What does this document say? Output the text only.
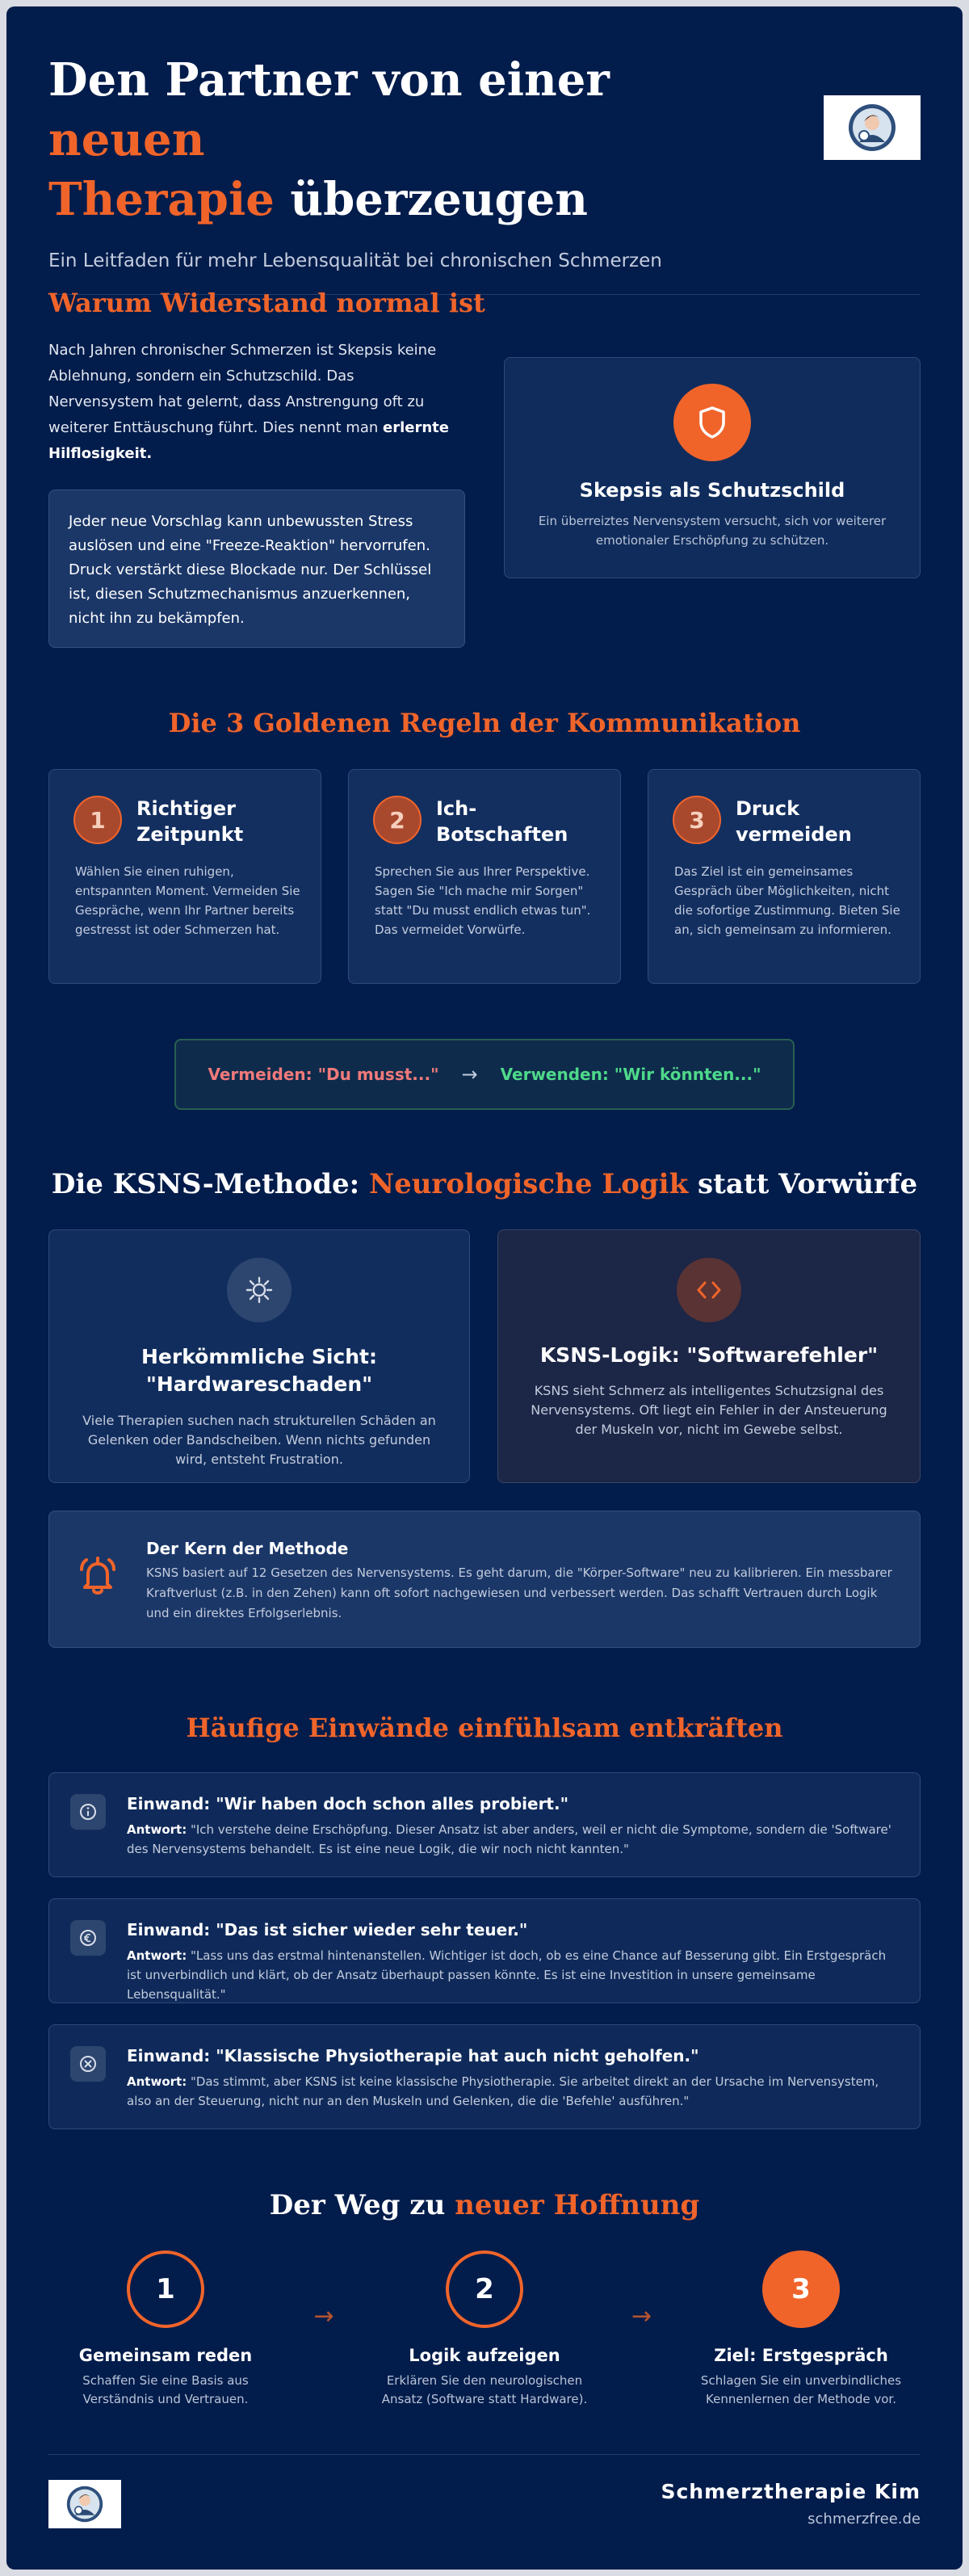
Den Partner von einer neuen
Therapie überzeugen
Ein Leitfaden für mehr Lebensqualität bei chronischen Schmerzen
Warum Widerstand normal ist

Nach Jahren chronischer Schmerzen ist Skepsis keine Ablehnung, sondern ein Schutzschild. Das Nervensystem hat gelernt, dass Anstrengung oft zu weiterer Enttäuschung führt. Dies nennt man erlernte Hilflosigkeit.

Jeder neue Vorschlag kann unbewussten Stress auslösen und eine "Freeze-Reaktion" hervorrufen. Druck verstärkt diese Blockade nur. Der Schlüssel ist, diesen Schutzmechanismus anzuerkennen, nicht ihn zu bekämpfen.

Skepsis als Schutzschild
Ein überreiztes Nervensystem versucht, sich vor weiterer emotionaler Erschöpfung zu schützen.
Die 3 Goldenen Regeln der Kommunikation
1	Richtiger Zeitpunkt
Wählen Sie einen ruhigen, entspannten Moment. Vermeiden Sie Gespräche, wenn Ihr Partner bereits gestresst ist oder Schmerzen hat.
2	Ich-Botschaften
Sprechen Sie aus Ihrer Perspektive. Sagen Sie "Ich mache mir Sorgen" statt "Du musst endlich etwas tun". Das vermeidet Vorwürfe.
3	Druck vermeiden
Das Ziel ist ein gemeinsames Gespräch über Möglichkeiten, nicht die sofortige Zustimmung. Bieten Sie an, sich gemeinsam zu informieren.
Vermeiden: "Du musst..." → Verwenden: "Wir könnten..."
Die KSNS-Methode: Neurologische Logik statt Vorwürfe
Herkömmliche Sicht: "Hardwareschaden"
Viele Therapien suchen nach strukturellen Schäden an Gelenken oder Bandscheiben. Wenn nichts gefunden wird, entsteht Frustration.
KSNS-Logik: "Softwarefehler"
KSNS sieht Schmerz als intelligentes Schutzsignal des Nervensystems. Oft liegt ein Fehler in der Ansteuerung der Muskeln vor, nicht im Gewebe selbst.
Der Kern der Methode
KSNS basiert auf 12 Gesetzen des Nervensystems. Es geht darum, die "Körper-Software" neu zu kalibrieren. Ein messbarer Kraftverlust (z.B. in den Zehen) kann oft sofort nachgewiesen und verbessert werden. Das schafft Vertrauen durch Logik und ein direktes Erfolgserlebnis.
Häufige Einwände einfühlsam entkräften
Einwand: "Wir haben doch schon alles probiert."
Antwort: "Ich verstehe deine Erschöpfung. Dieser Ansatz ist aber anders, weil er nicht die Symptome, sondern die 'Software' des Nervensystems behandelt. Es ist eine neue Logik, die wir noch nicht kannten."
Einwand: "Das ist sicher wieder sehr teuer."
Antwort: "Lass uns das erstmal hintenanstellen. Wichtiger ist doch, ob es eine Chance auf Besserung gibt. Ein Erstgespräch ist unverbindlich und klärt, ob der Ansatz überhaupt passen könnte. Es ist eine Investition in unsere gemeinsame Lebensqualität."
Einwand: "Klassische Physiotherapie hat auch nicht geholfen."
Antwort: "Das stimmt, aber KSNS ist keine klassische Physiotherapie. Sie arbeitet direkt an der Ursache im Nervensystem, also an der Steuerung, nicht nur an den Muskeln und Gelenken, die die 'Befehle' ausführen."
Der Weg zu neuer Hoffnung
1
Gemeinsam reden
Schaffen Sie eine Basis aus Verständnis und Vertrauen.
→
2
Logik aufzeigen
Erklären Sie den neurologischen Ansatz (Software statt Hardware).
→
3
Ziel: Erstgespräch
Schlagen Sie ein unverbindliches Kennenlernen der Methode vor.
Schmerztherapie Kim
schmerzfree.de
